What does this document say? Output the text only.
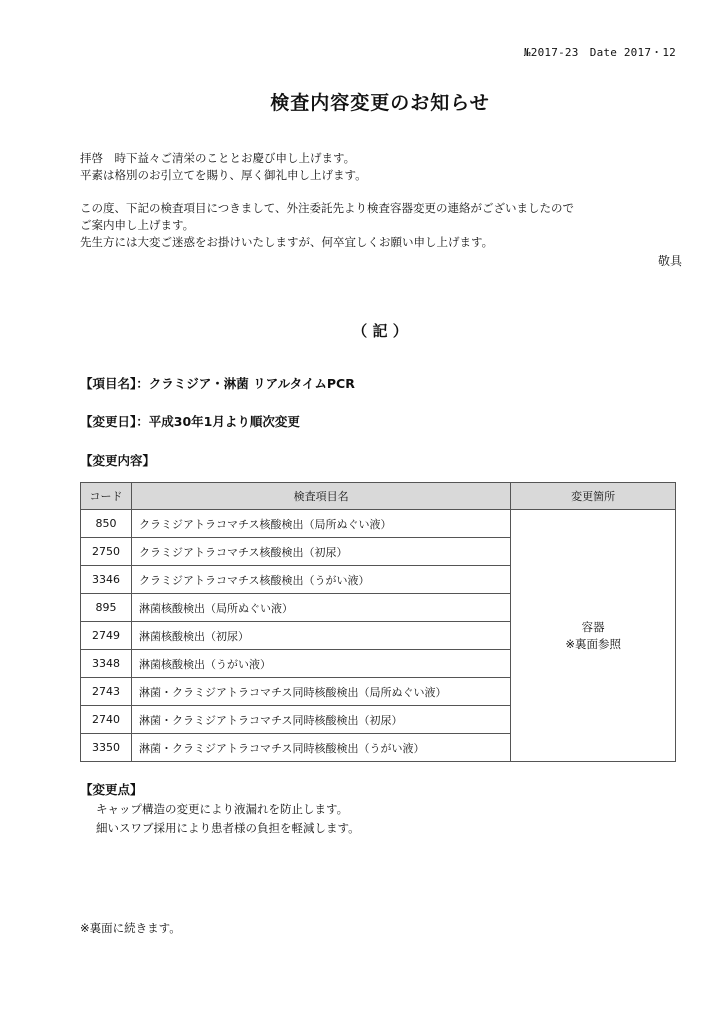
№2017-23　Date 2017・12
検査内容変更のお知らせ
拝啓　時下益々ご清栄のこととお慶び申し上げます。
平素は格別のお引立てを賜り、厚く御礼申し上げます。
この度、下記の検査項目につきまして、外注委託先より検査容器変更の連絡がございましたので
ご案内申し上げます。
先生方には大変ご迷惑をお掛けいたしますが、何卒宜しくお願い申し上げます。
敬具
（ 記 ）
【項目名】：クラミジア・淋菌 リアルタイムPCR
【変更日】：平成30年1月より順次変更
【変更内容】
コード	検査項目名	変更箇所
850	クラミジアトラコマチス核酸検出（局所ぬぐい液）	容器
※裏面参照
2750	クラミジアトラコマチス核酸検出（初尿）	
3346	クラミジアトラコマチス核酸検出（うがい液）	
895	淋菌核酸検出（局所ぬぐい液）	
2749	淋菌核酸検出（初尿）	
3348	淋菌核酸検出（うがい液）	
2743	淋菌・クラミジアトラコマチス同時核酸検出（局所ぬぐい液）	
2740	淋菌・クラミジアトラコマチス同時核酸検出（初尿）	
3350	淋菌・クラミジアトラコマチス同時核酸検出（うがい液）	
【変更点】
キャップ構造の変更により液漏れを防止します。
細いスワブ採用により患者様の負担を軽減します。
※裏面に続きます。
